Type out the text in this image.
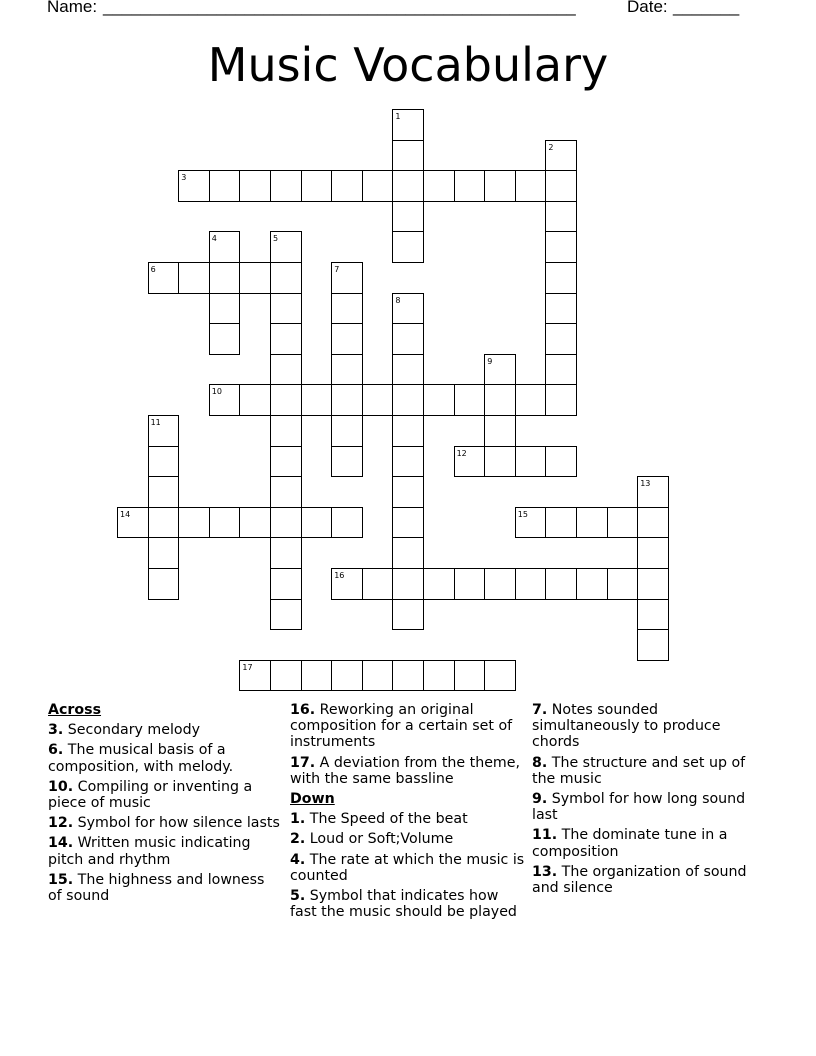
Name: __________________________________________________	Date: _______
Music Vocabulary
3
6
10
12
14	15
16
17
1
2
4	5
7
8
9
11
13
Across
3. Secondary melody
6. The musical basis of a composition, with melody.
10. Compiling or inventing a piece of music
12. Symbol for how silence lasts
14. Written music indicating pitch and rhythm
15. The highness and lowness of sound
16. Reworking an original composition for a certain set of instruments
17. A deviation from the theme, with the same bassline
Down
1. The Speed of the beat
2. Loud or Soft;Volume
4. The rate at which the music is counted
5. Symbol that indicates how fast the music should be played
7. Notes sounded simultaneously to produce chords
8. The structure and set up of the music
9. Symbol for how long sound last
11. The dominate tune in a composition
13. The organization of sound and silence
